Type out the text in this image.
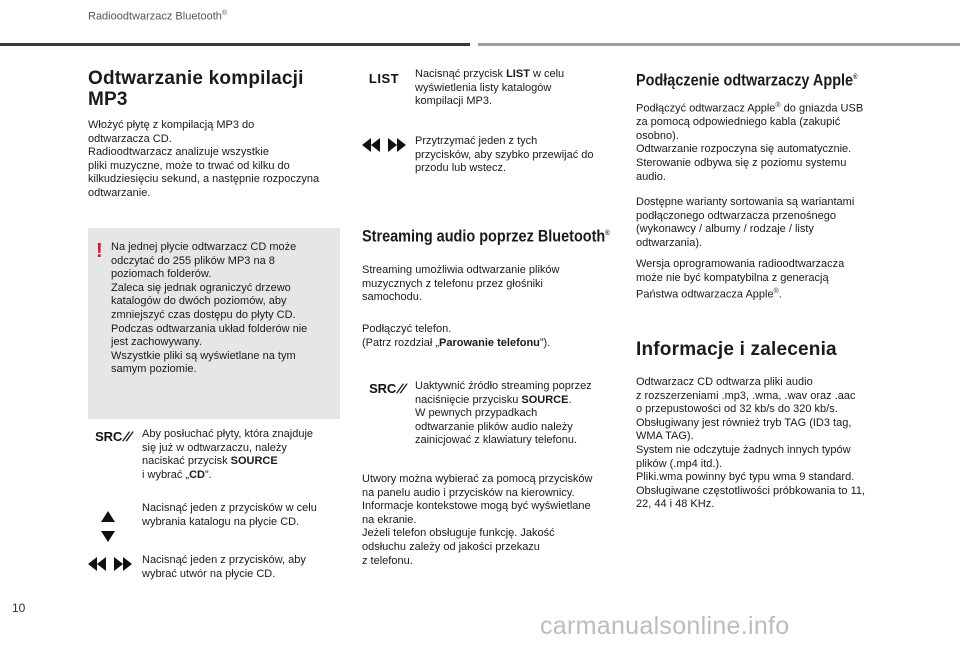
Radioodtwarzacz Bluetooth®
Odtwarzanie kompilacji MP3

Włożyć płytę z kompilacją MP3 do

odtwarzacza CD.

Radioodtwarzacz analizuje wszystkie

pliki muzyczne, może to trwać od kilku do

kilkudziesięciu sekund, a następnie rozpoczyna

odtwarzanie.

! Na jednej płycie odtwarzacz CD może

odczytać do 255 plików MP3 na 8

poziomach folderów.

Zaleca się jednak ograniczyć drzewo

katalogów do dwóch poziomów, aby

zmniejszyć czas dostępu do płyty CD.

Podczas odtwarzania układ folderów nie

jest zachowywany.

Wszystkie pliki są wyświetlane na tym

samym poziomie.

SRC // Aby posłuchać płyty, która znajduje

się już w odtwarzaczu, należy

naciskać przycisk SOURCE

i wybrać „CD”.

Nacisnąć jeden z przycisków w celu

wybrania katalogu na płycie CD.

Nacisnąć jeden z przycisków, aby

wybrać utwór na płycie CD.

LIST	Nacisnąć przycisk LIST w celu

wyświetlenia listy katalogów

kompilacji MP3.

Przytrzymać jeden z tych

przycisków, aby szybko przewijać do

przodu lub wstecz.

Streaming audio poprzez Bluetooth®

Streaming umożliwia odtwarzanie plików

muzycznych z telefonu przez głośniki

samochodu.

Podłączyć telefon.

(Patrz rozdział „Parowanie telefonu”).

SRC // Uaktywnić źródło streaming poprzez

naciśnięcie przycisku SOURCE.

W pewnych przypadkach

odtwarzanie plików audio należy

zainicjować z klawiatury telefonu.

Utwory można wybierać za pomocą przycisków

na panelu audio i przycisków na kierownicy.

Informacje kontekstowe mogą być wyświetlane

na ekranie.

Jeżeli telefon obsługuje funkcję. Jakość

odsłuchu zależy od jakości przekazu

z telefonu.

Podłączenie odtwarzaczy Apple®

Podłączyć odtwarzacz Apple® do gniazda USB

za pomocą odpowiedniego kabla (zakupić

osobno).

Odtwarzanie rozpoczyna się automatycznie.

Sterowanie odbywa się z poziomu systemu

audio.

Dostępne warianty sortowania są wariantami

podłączonego odtwarzacza przenośnego

(wykonawcy / albumy / rodzaje / listy

odtwarzania).

Wersja oprogramowania radioodtwarzacza

może nie być kompatybilna z generacją

Państwa odtwarzacza Apple®.

Informacje i zalecenia

Odtwarzacz CD odtwarza pliki audio

z rozszerzeniami .mp3, .wma, .wav oraz .aac

o przepustowości od 32 kb/s do 320 kb/s.

Obsługiwany jest również tryb TAG (ID3 tag,

WMA TAG).

System nie odczytuje żadnych innych typów

plików (.mp4 itd.).

Pliki.wma powinny być typu wma 9 standard.

Obsługiwane częstotliwości próbkowania to 11,

22, 44 i 48 KHz.

10
carmanualsonline.info
